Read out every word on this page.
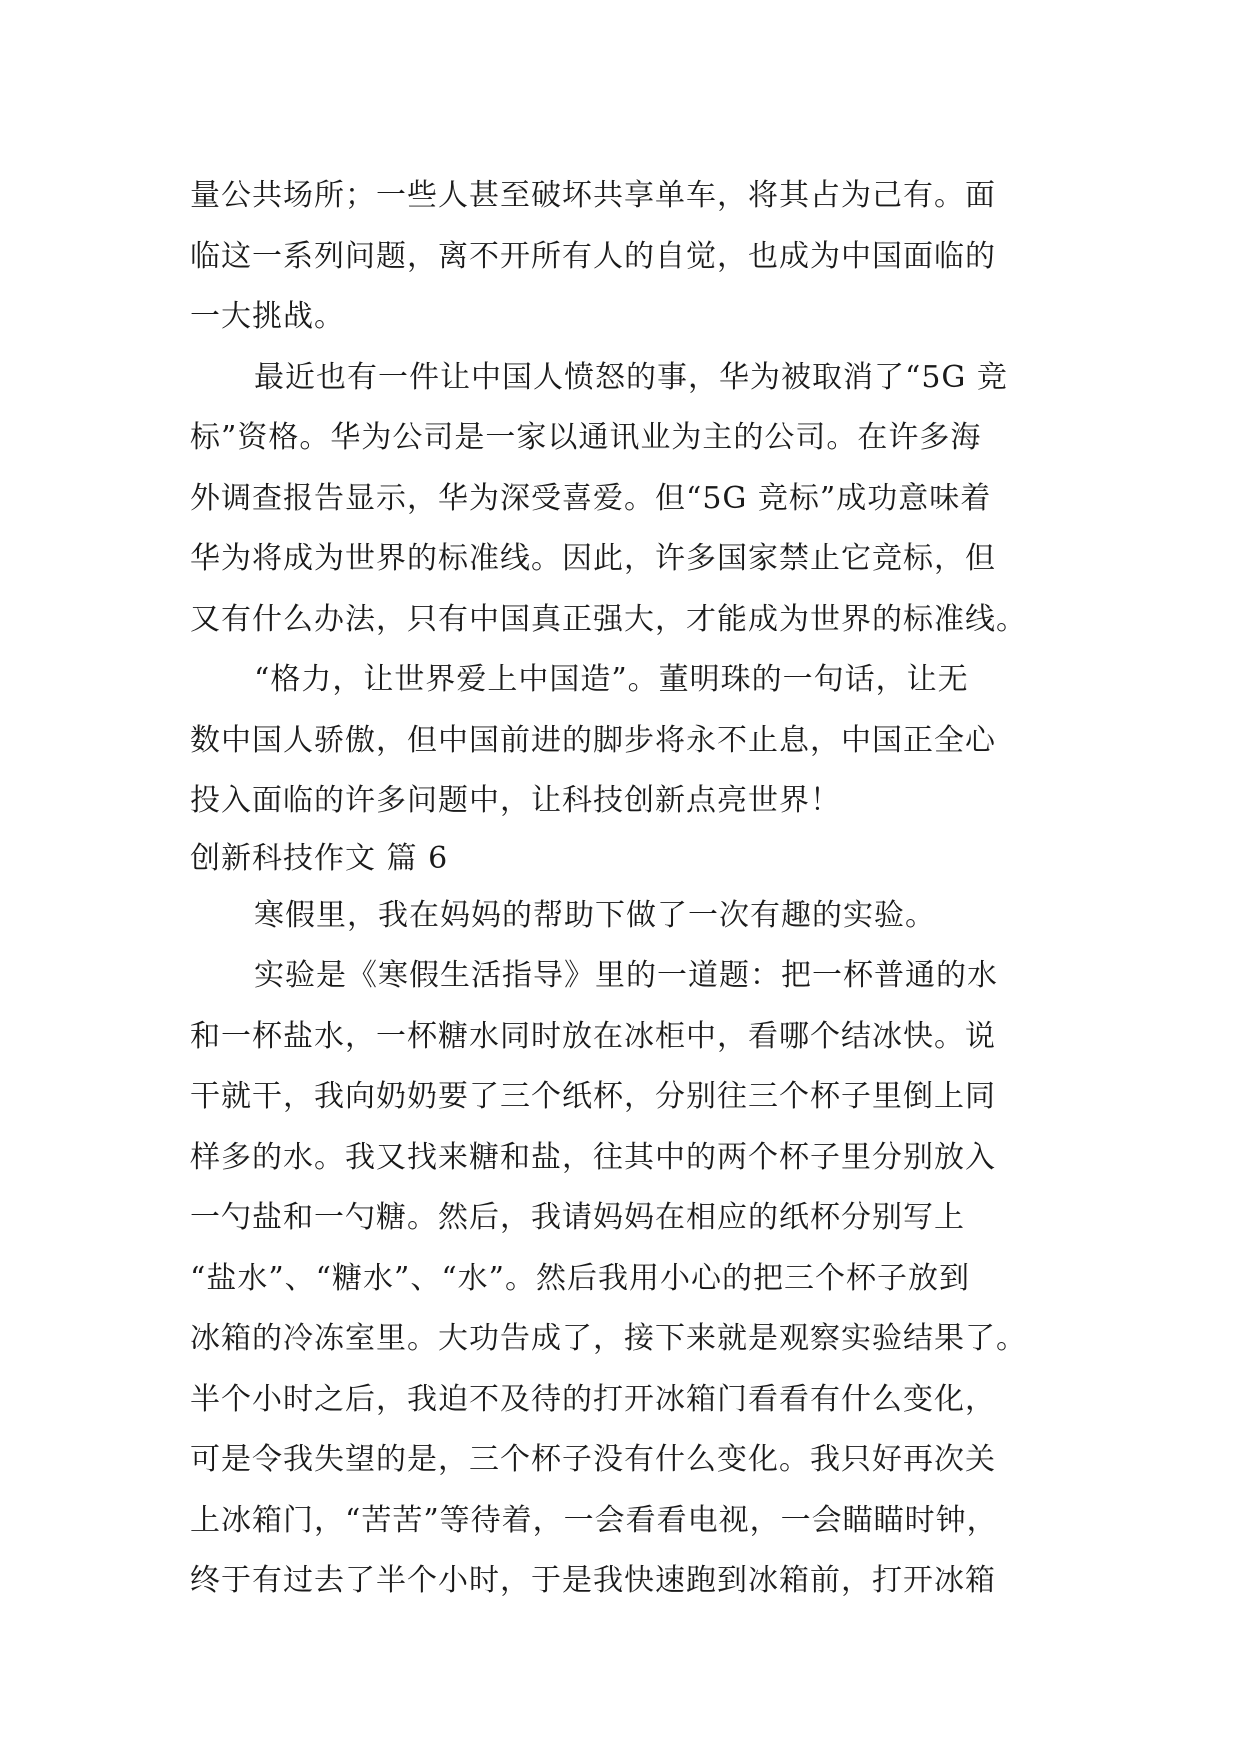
量公共场所；一些人甚至破坏共享单车，将其占为己有。面
临这一系列问题，离不开所有人的自觉，也成为中国面临的
一大挑战。
最近也有一件让中国人愤怒的事，华为被取消了“5G 竞
标”资格。华为公司是一家以通讯业为主的公司。在许多海
外调查报告显示，华为深受喜爱。但“5G 竞标”成功意味着
华为将成为世界的标准线。因此，许多国家禁止它竞标，但
又有什么办法，只有中国真正强大，才能成为世界的标准线。
“格力，让世界爱上中国造”。董明珠的一句话，让无
数中国人骄傲，但中国前进的脚步将永不止息，中国正全心
投入面临的许多问题中，让科技创新点亮世界！
创新科技作文 篇 6
寒假里，我在妈妈的帮助下做了一次有趣的实验。
实验是《寒假生活指导》里的一道题：把一杯普通的水
和一杯盐水，一杯糖水同时放在冰柜中，看哪个结冰快。说
干就干，我向奶奶要了三个纸杯，分别往三个杯子里倒上同
样多的水。我又找来糖和盐，往其中的两个杯子里分别放入
一勺盐和一勺糖。然后，我请妈妈在相应的纸杯分别写上
“盐水”、“糖水”、“水”。然后我用小心的把三个杯子放到
冰箱的冷冻室里。大功告成了，接下来就是观察实验结果了。
半个小时之后，我迫不及待的打开冰箱门看看有什么变化，
可是令我失望的是，三个杯子没有什么变化。我只好再次关
上冰箱门，“苦苦”等待着，一会看看电视，一会瞄瞄时钟，
终于有过去了半个小时，于是我快速跑到冰箱前，打开冰箱
